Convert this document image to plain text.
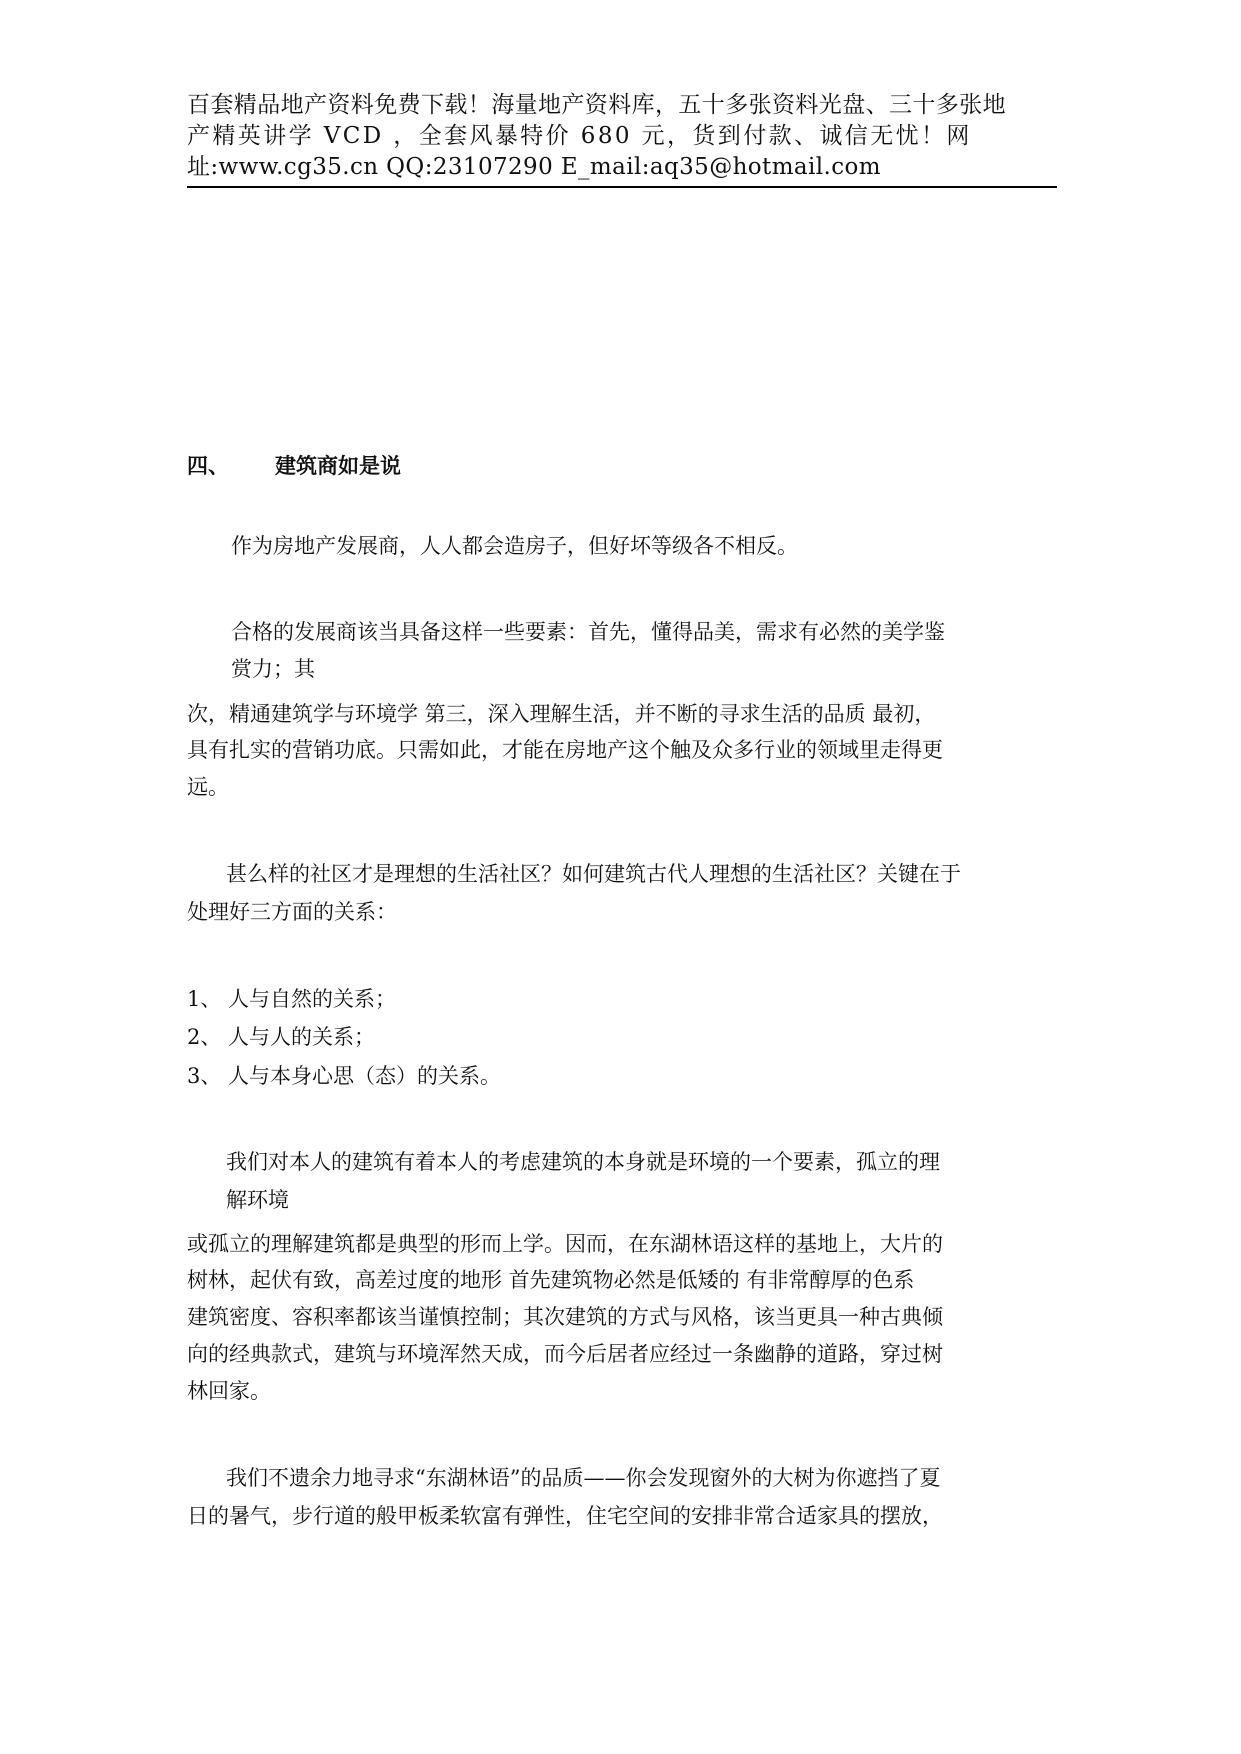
百套精品地产资料免费下载！海量地产资料库，五十多张资料光盘、三十多张地
产精英讲学 VCD ，全套风暴特价 680 元，货到付款、诚信无忧！网
址:www.cg35.cn QQ:23107290 E_mail:aq35@hotmail.com
四、 建筑商如是说
作为房地产发展商，人人都会造房子，但好坏等级各不相反。
合格的发展商该当具备这样一些要素：首先，懂得品美，需求有必然的美学鉴
赏力；其
次，精通建筑学与环境学 第三，深入理解生活，并不断的寻求生活的品质 最初，
具有扎实的营销功底。只需如此，才能在房地产这个触及众多行业的领域里走得更
远。
甚么样的社区才是理想的生活社区？如何建筑古代人理想的生活社区？关键在于
处理好三方面的关系：
1、 人与自然的关系；
2、 人与人的关系；
3、 人与本身心思（态）的关系。
我们对本人的建筑有着本人的考虑建筑的本身就是环境的一个要素，孤立的理
解环境
或孤立的理解建筑都是典型的形而上学。因而，在东湖林语这样的基地上，大片的
树林，起伏有致，高差过度的地形 首先建筑物必然是低矮的 有非常醇厚的色系
建筑密度、容积率都该当谨慎控制；其次建筑的方式与风格，该当更具一种古典倾
向的经典款式，建筑与环境浑然天成，而今后居者应经过一条幽静的道路，穿过树
林回家。
我们不遗余力地寻求“东湖林语”的品质——你会发现窗外的大树为你遮挡了夏
日的暑气，步行道的般甲板柔软富有弹性，住宅空间的安排非常合适家具的摆放，
